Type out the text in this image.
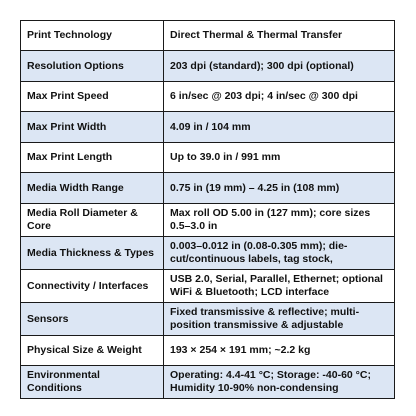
Print Technology	Direct Thermal & Thermal Transfer
Resolution Options	203 dpi (standard); 300 dpi (optional)
Max Print Speed	6 in/sec @ 203 dpi; 4 in/sec @ 300 dpi
Max Print Width	4.09 in / 104 mm
Max Print Length	Up to 39.0 in / 991 mm
Media Width Range	0.75 in (19 mm) – 4.25 in (108 mm)
Media Roll Diameter & Core	Max roll OD 5.00 in (127 mm); core sizes 0.5–3.0 in

Media Thickness & Types	0.003–0.012 in (0.08-0.305 mm); die-cut/continuous labels, tag stock,

Connectivity / Interfaces	USB 2.0, Serial, Parallel, Ethernet; optional WiFi & Bluetooth; LCD interface

Sensors	Fixed transmissive & reflective; multi-position transmissive & adjustable

Physical Size & Weight	193 × 254 × 191 mm; ~2.2 kg
Environmental Conditions	Operating: 4.4-41 °C; Storage: -40-60 °C; Humidity 10-90% non-condensing
